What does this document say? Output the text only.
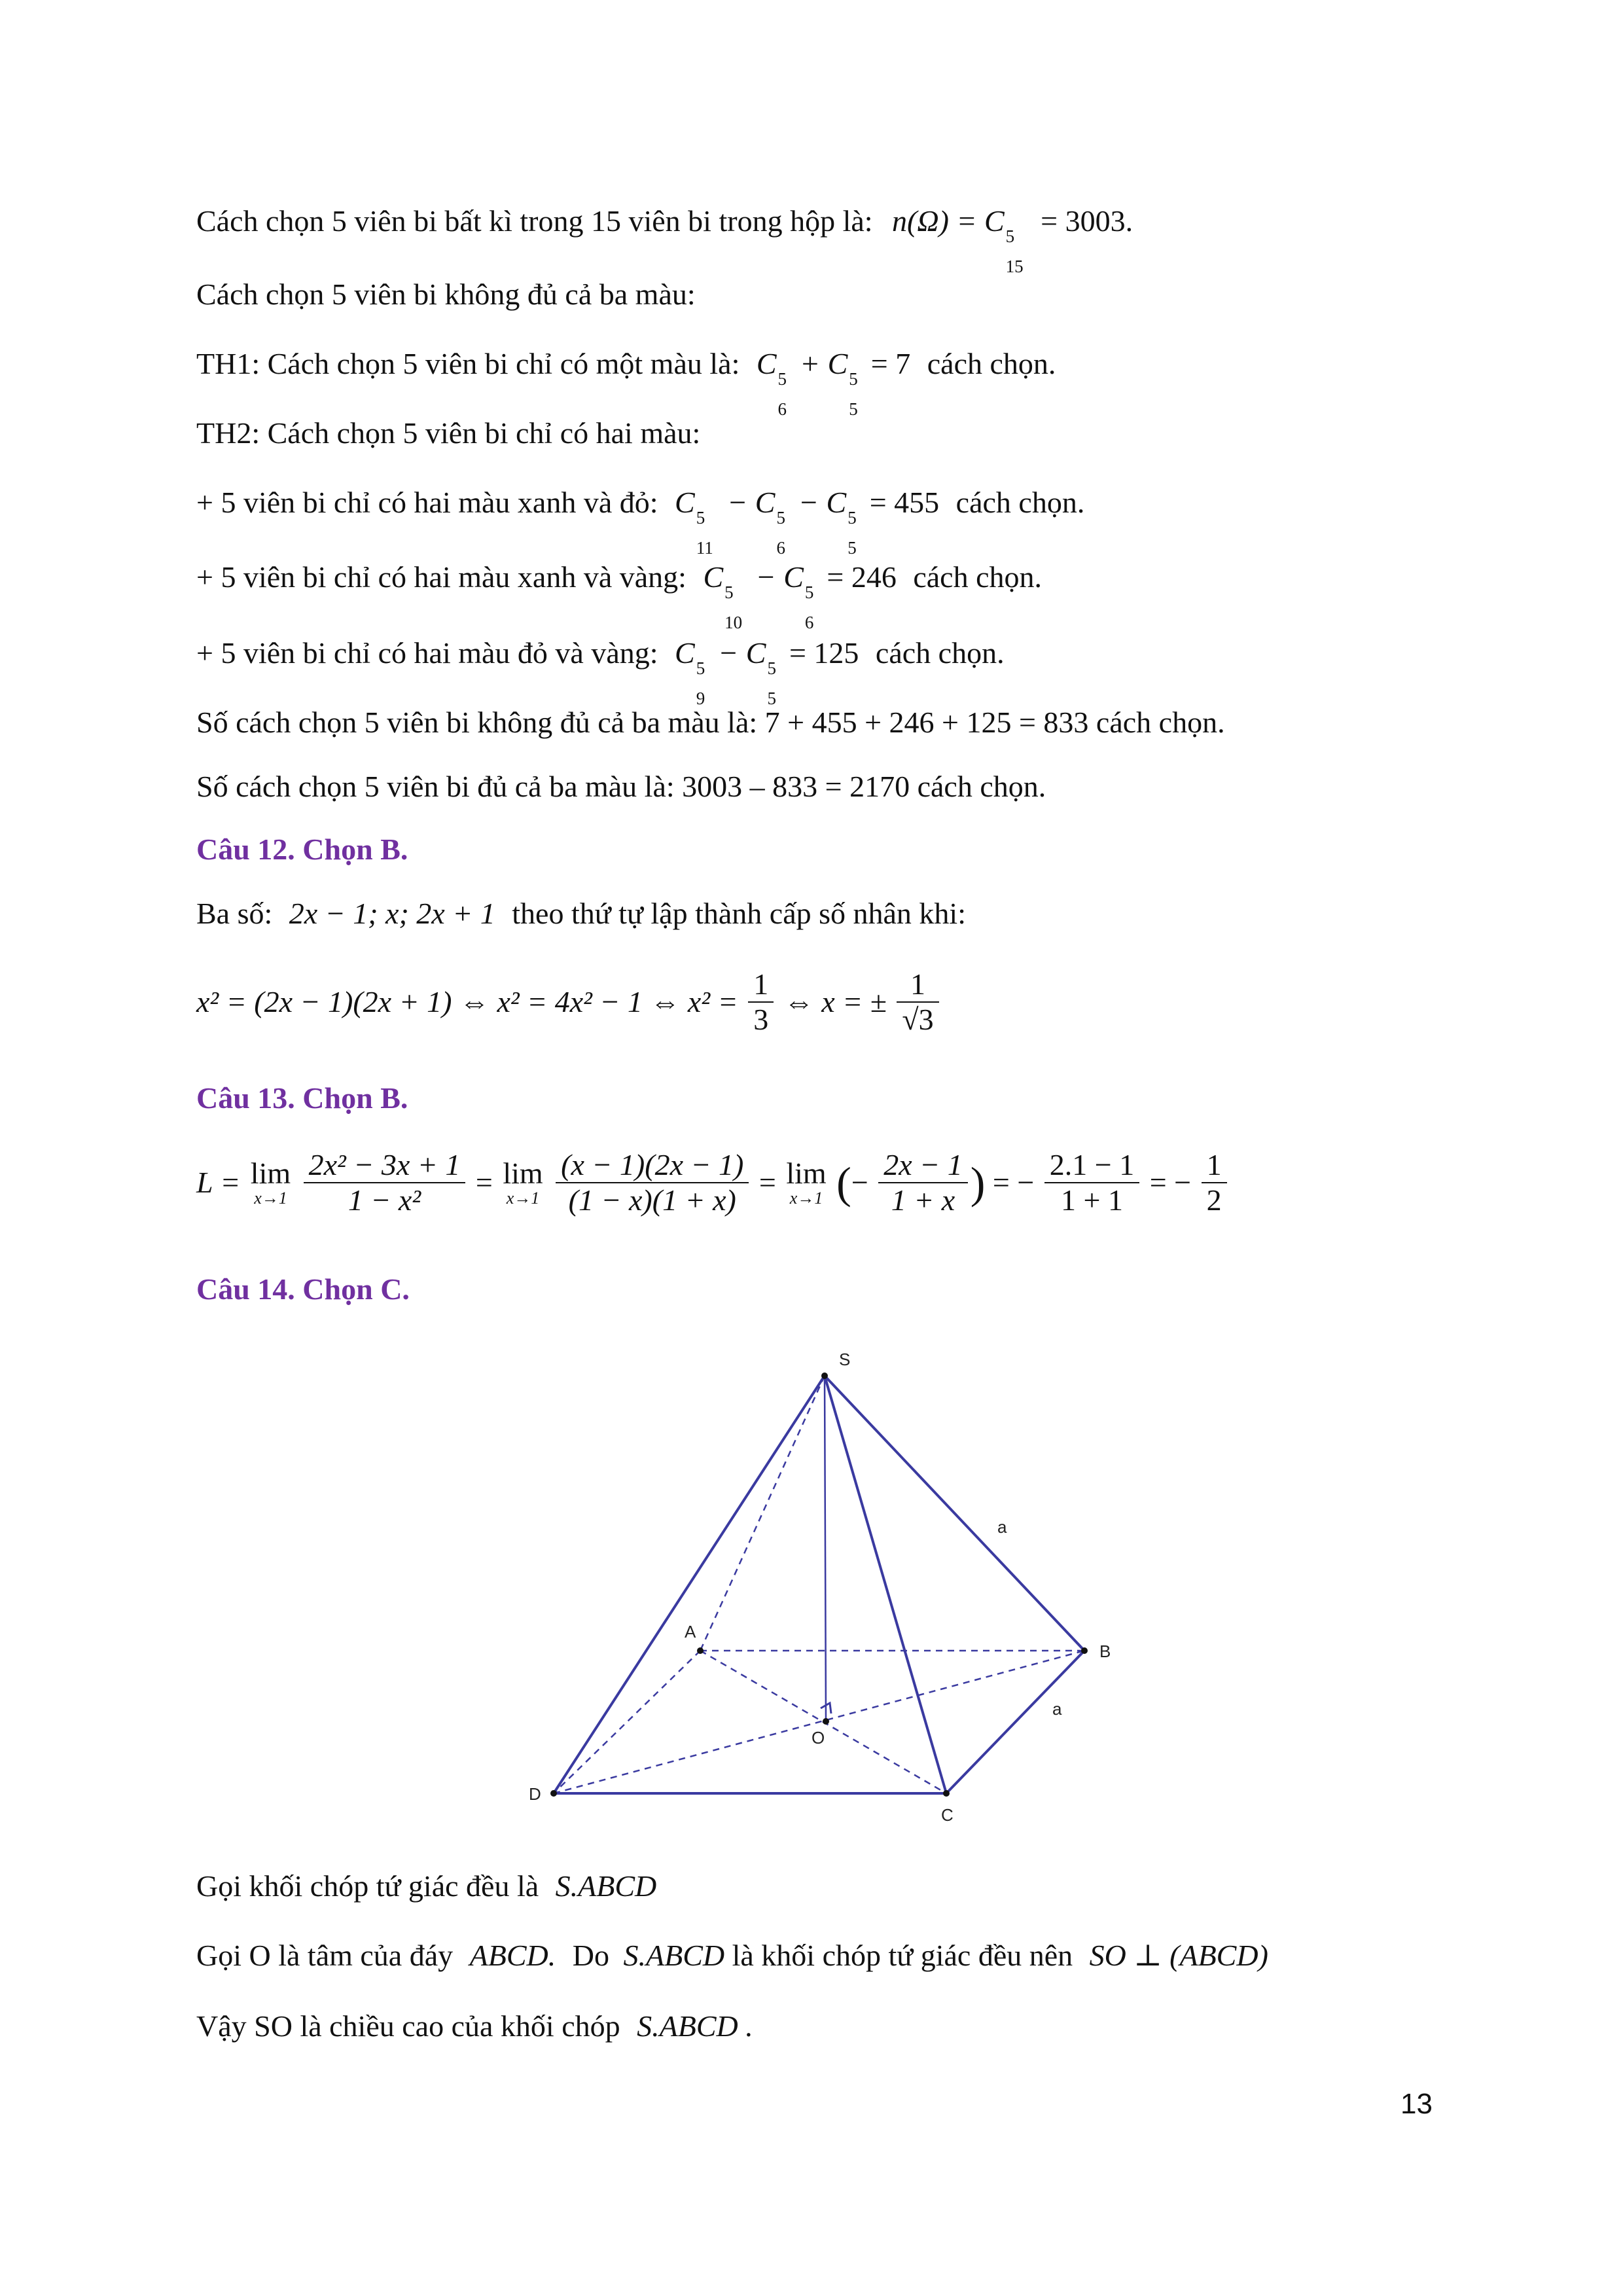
Cách chọn 5 viên bi bất kì trong 15 viên bi trong hộp là: n(Ω) = C 5
15
= 3003.
Cách chọn 5 viên bi không đủ cả ba màu:
TH1: Cách chọn 5 viên bi chỉ có một màu là: C 5
6
+ C 5
5
= 7 cách chọn.
TH2: Cách chọn 5 viên bi chỉ có hai màu:
+ 5 viên bi chỉ có hai màu xanh và đỏ: C 5
11
− C 5
6
− C 5
5
= 455 cách chọn.
+ 5 viên bi chỉ có hai màu xanh và vàng: C 5
10
− C 5
6
= 246 cách chọn.
+ 5 viên bi chỉ có hai màu đỏ và vàng: C 5
9
− C 5
5
= 125 cách chọn.
Số cách chọn 5 viên bi không đủ cả ba màu là: 7 + 455 + 246 + 125 = 833 cách chọn.
Số cách chọn 5 viên bi đủ cả ba màu là: 3003 – 833 = 2170 cách chọn.
Câu 12. Chọn B.
Ba số: 2x − 1; x; 2x + 1 theo thứ tự lập thành cấp số nhân khi:
x² = (2x − 1)(2x + 1) ⇔ x² = 4x² − 1 ⇔ $x^2 = \frac{1}{3}$ ⇔ x = ± $\frac{1}{√3}$
Câu 13. Chọn B.
L = lim
x→1
$\frac{\text{2x² − 3x + 1}}{\text{1 − x²}} = \lim$
x→1
$\frac{(x - 1)(2x - 1)}{(1 - x)(1 + x)} = \lim$
x→1 (− $\frac{2x - 1}{1 + x}$ ) = − $\frac{2.1 - 1}{1 + 1}$ = − $\frac{1}{2}$
Câu 14. Chọn C.
S
A
B
C
D
O
a
a
Gọi khối chóp tứ giác đều là S.ABCD
Gọi O là tâm của đáy ABCD. Do S.ABCD là khối chóp tứ giác đều nên SO ⊥ (ABCD)
Vậy SO là chiều cao của khối chóp S.ABCD .
13
